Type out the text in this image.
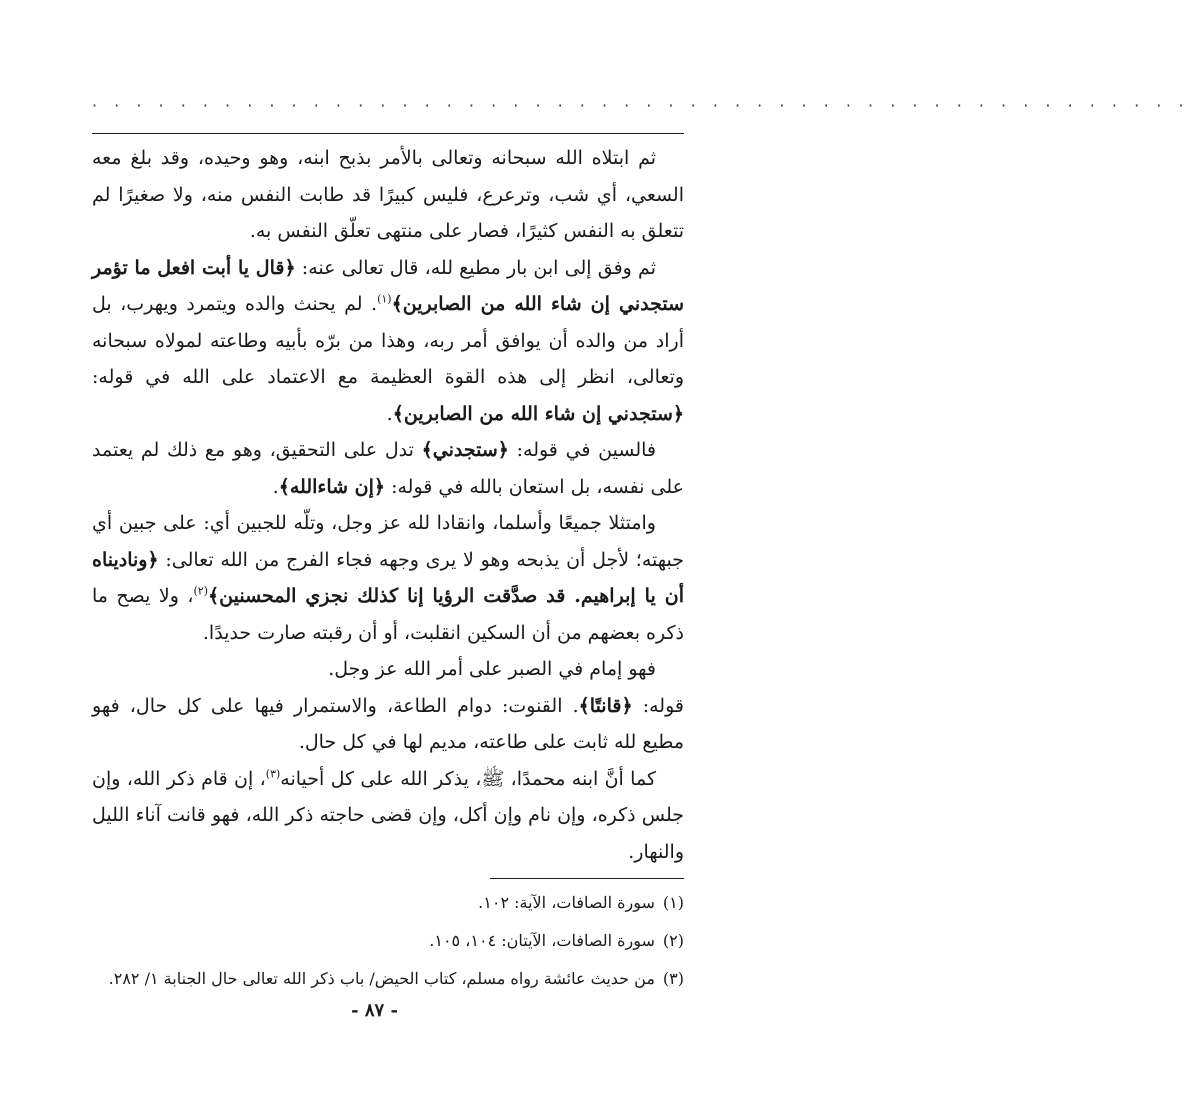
· · · · · · · · · · · · · · · · · · · · · · · · · · · · · · · · · · · · · · · · · · · · · · · · · ·

ثم ابتلاه الله سبحانه وتعالى بالأمر بذبح ابنه، وهو وحيده، وقد بلغ معه السعي، أي شب، وترعرع، فليس كبيرًا قد طابت النفس منه، ولا صغيرًا لم تتعلق به النفس كثيرًا، فصار على منتهى تعلّق النفس به.

ثم وفق إلى ابن بار مطيع لله، قال تعالى عنه: ﴿قال يا أبت افعل ما تؤمر ستجدني إن شاء الله من الصابرين﴾$^{(١)}$. لم يحنث والده ويتمرد ويهرب، بل أراد من والده أن يوافق أمر ربه، وهذا من برّه بأبيه وطاعته لمولاه سبحانه وتعالى، انظر إلى هذه القوة العظيمة مع الاعتماد على الله في قوله: ﴿ستجدني إن شاء الله من الصابرين﴾.

فالسين في قوله: ﴿ستجدني﴾ تدل على التحقيق، وهو مع ذلك لم يعتمد على نفسه، بل استعان بالله في قوله: ﴿إن شاءالله﴾.

وامتثلا جميعًا وأسلما، وانقادا لله عز وجل، وتلّه للجبين أي: على جبين أي جبهته؛ لأجل أن يذبحه وهو لا يرى وجهه فجاء الفرج من الله تعالى: ﴿وناديناه أن يا إبراهيم. قد صدَّقت الرؤيا إنا كذلك نجزي المحسنين﴾$^{(٢)}$، ولا يصح ما ذكره بعضهم من أن السكين انقلبت، أو أن رقبته صارت حديدًا.

فهو إمام في الصبر على أمر الله عز وجل.

قوله: ﴿قانتًا﴾. القنوت: دوام الطاعة، والاستمرار فيها على كل حال، فهو مطيع لله ثابت على طاعته، مديم لها في كل حال.

كما أنَّ ابنه محمدًا، ﷺ، يذكر الله على كل أحيانه$^{(٣)}$، إن قام ذكر الله، وإن جلس ذكره، وإن نام وإن أكل، وإن قضى حاجته ذكر الله، فهو قانت آناء الليل والنهار.

(١)سورة الصافات، الآية: ١٠٢.

(٢)سورة الصافات، الآيتان: ١٠٤، ١٠٥.

(٣)من حديث عائشة رواه مسلم، كتاب الحيض/ باب ذكر الله تعالى حال الجنابة ١/ ٢٨٢.

- ٨٧ -
